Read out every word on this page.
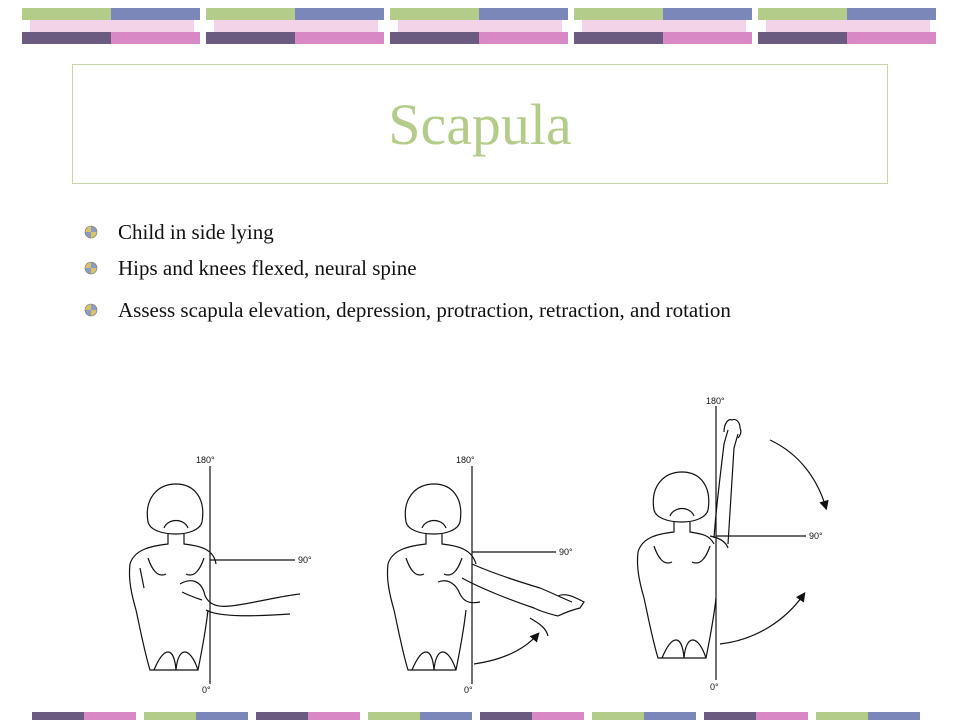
Scapula
Child in side lying
Hips and knees flexed, neural spine
Assess scapula elevation, depression, protraction, retraction, and rotation
180°
90°
0°
180°
90°
0°
180°
90°
0°
